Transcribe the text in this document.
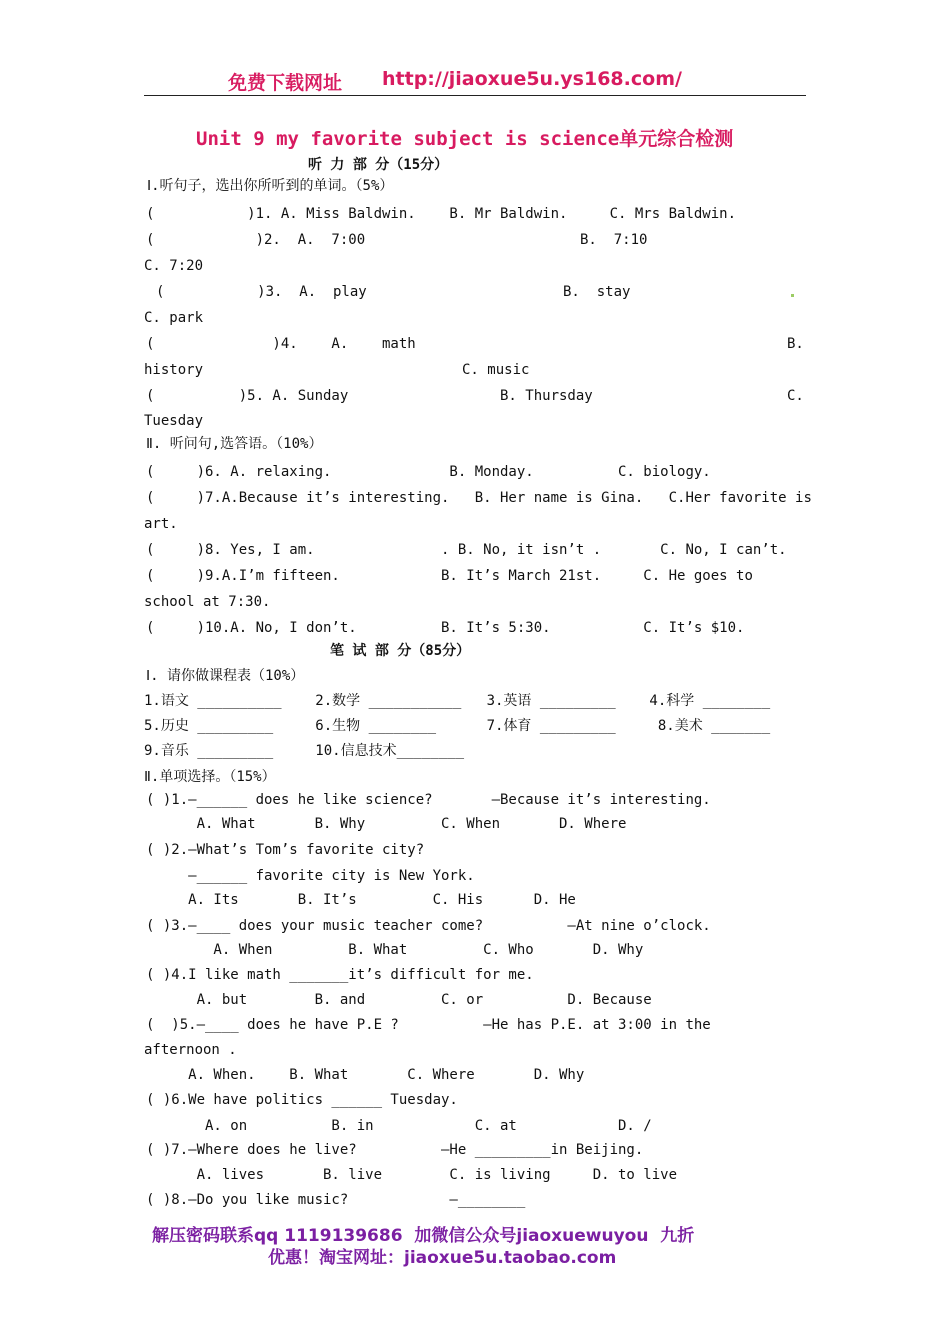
免费下载网址 http://jiaoxue5u.ys168.com/
Unit 9 my favorite subject is science单元综合检测
听 力 部 分（15分）
Ⅰ.听句子，选出你所听到的单词。（5%）
(           )1. A. Miss Baldwin.    B. Mr Baldwin.     C. Mrs Baldwin.
(            )2.  A.  7:00	B.  7:10
C. 7:20
(           )3.  A.  play	B.  stay
C. park
(              )4.    A.    math	B.
history	C. music
(          )5. A. Sunday	B. Thursday	C.
Tuesday
Ⅱ. 听问句,选答语。（10%）
(     )6. A. relaxing.              B. Monday.          C. biology.
(     )7.A.Because it’s interesting.   B. Her name is Gina.   C.Her favorite is
art.
(     )8. Yes, I am.               . B. No, it isn’t .       C. No, I can’t.
(     )9.A.I’m fifteen.            B. It’s March 21st.     C. He goes to
school at 7:30.
(     )10.A. No, I don’t.          B. It’s 5:30.           C. It’s $10.
笔 试 部 分（85分）
Ⅰ. 请你做课程表（10%）
1.语文 __________    2.数学 ___________   3.英语 _________    4.科学 ________
5.历史 _________     6.生物 ________      7.体育 _________     8.美术 _______
9.音乐 _________     10.信息技术________
Ⅱ.单项选择。（15%）
( )1.—______ does he like science?       —Because it’s interesting.
A. What       B. Why         C. When       D. Where
( )2.—What’s Tom’s favorite city?
—______ favorite city is New York.
A. Its       B. It’s         C. His      D. He
( )3.—____ does your music teacher come?          —At nine o’clock.
A. When         B. What         C. Who       D. Why
( )4.I like math _______it’s difficult for me.
A. but        B. and         C. or          D. Because
(  )5.—____ does he have P.E ?          —He has P.E. at 3:00 in the
afternoon .
A. When.    B. What       C. Where       D. Why
( )6.We have politics ______ Tuesday.
A. on          B. in            C. at            D. /
( )7.—Where does he live?          —He _________in Beijing.
A. lives       B. live        C. is living     D. to live
( )8.—Do you like music?            —________
解压密码联系qq 1119139686  加微信公众号jiaoxuewuyou  九折
优惠！淘宝网址：jiaoxue5u.taobao.com
